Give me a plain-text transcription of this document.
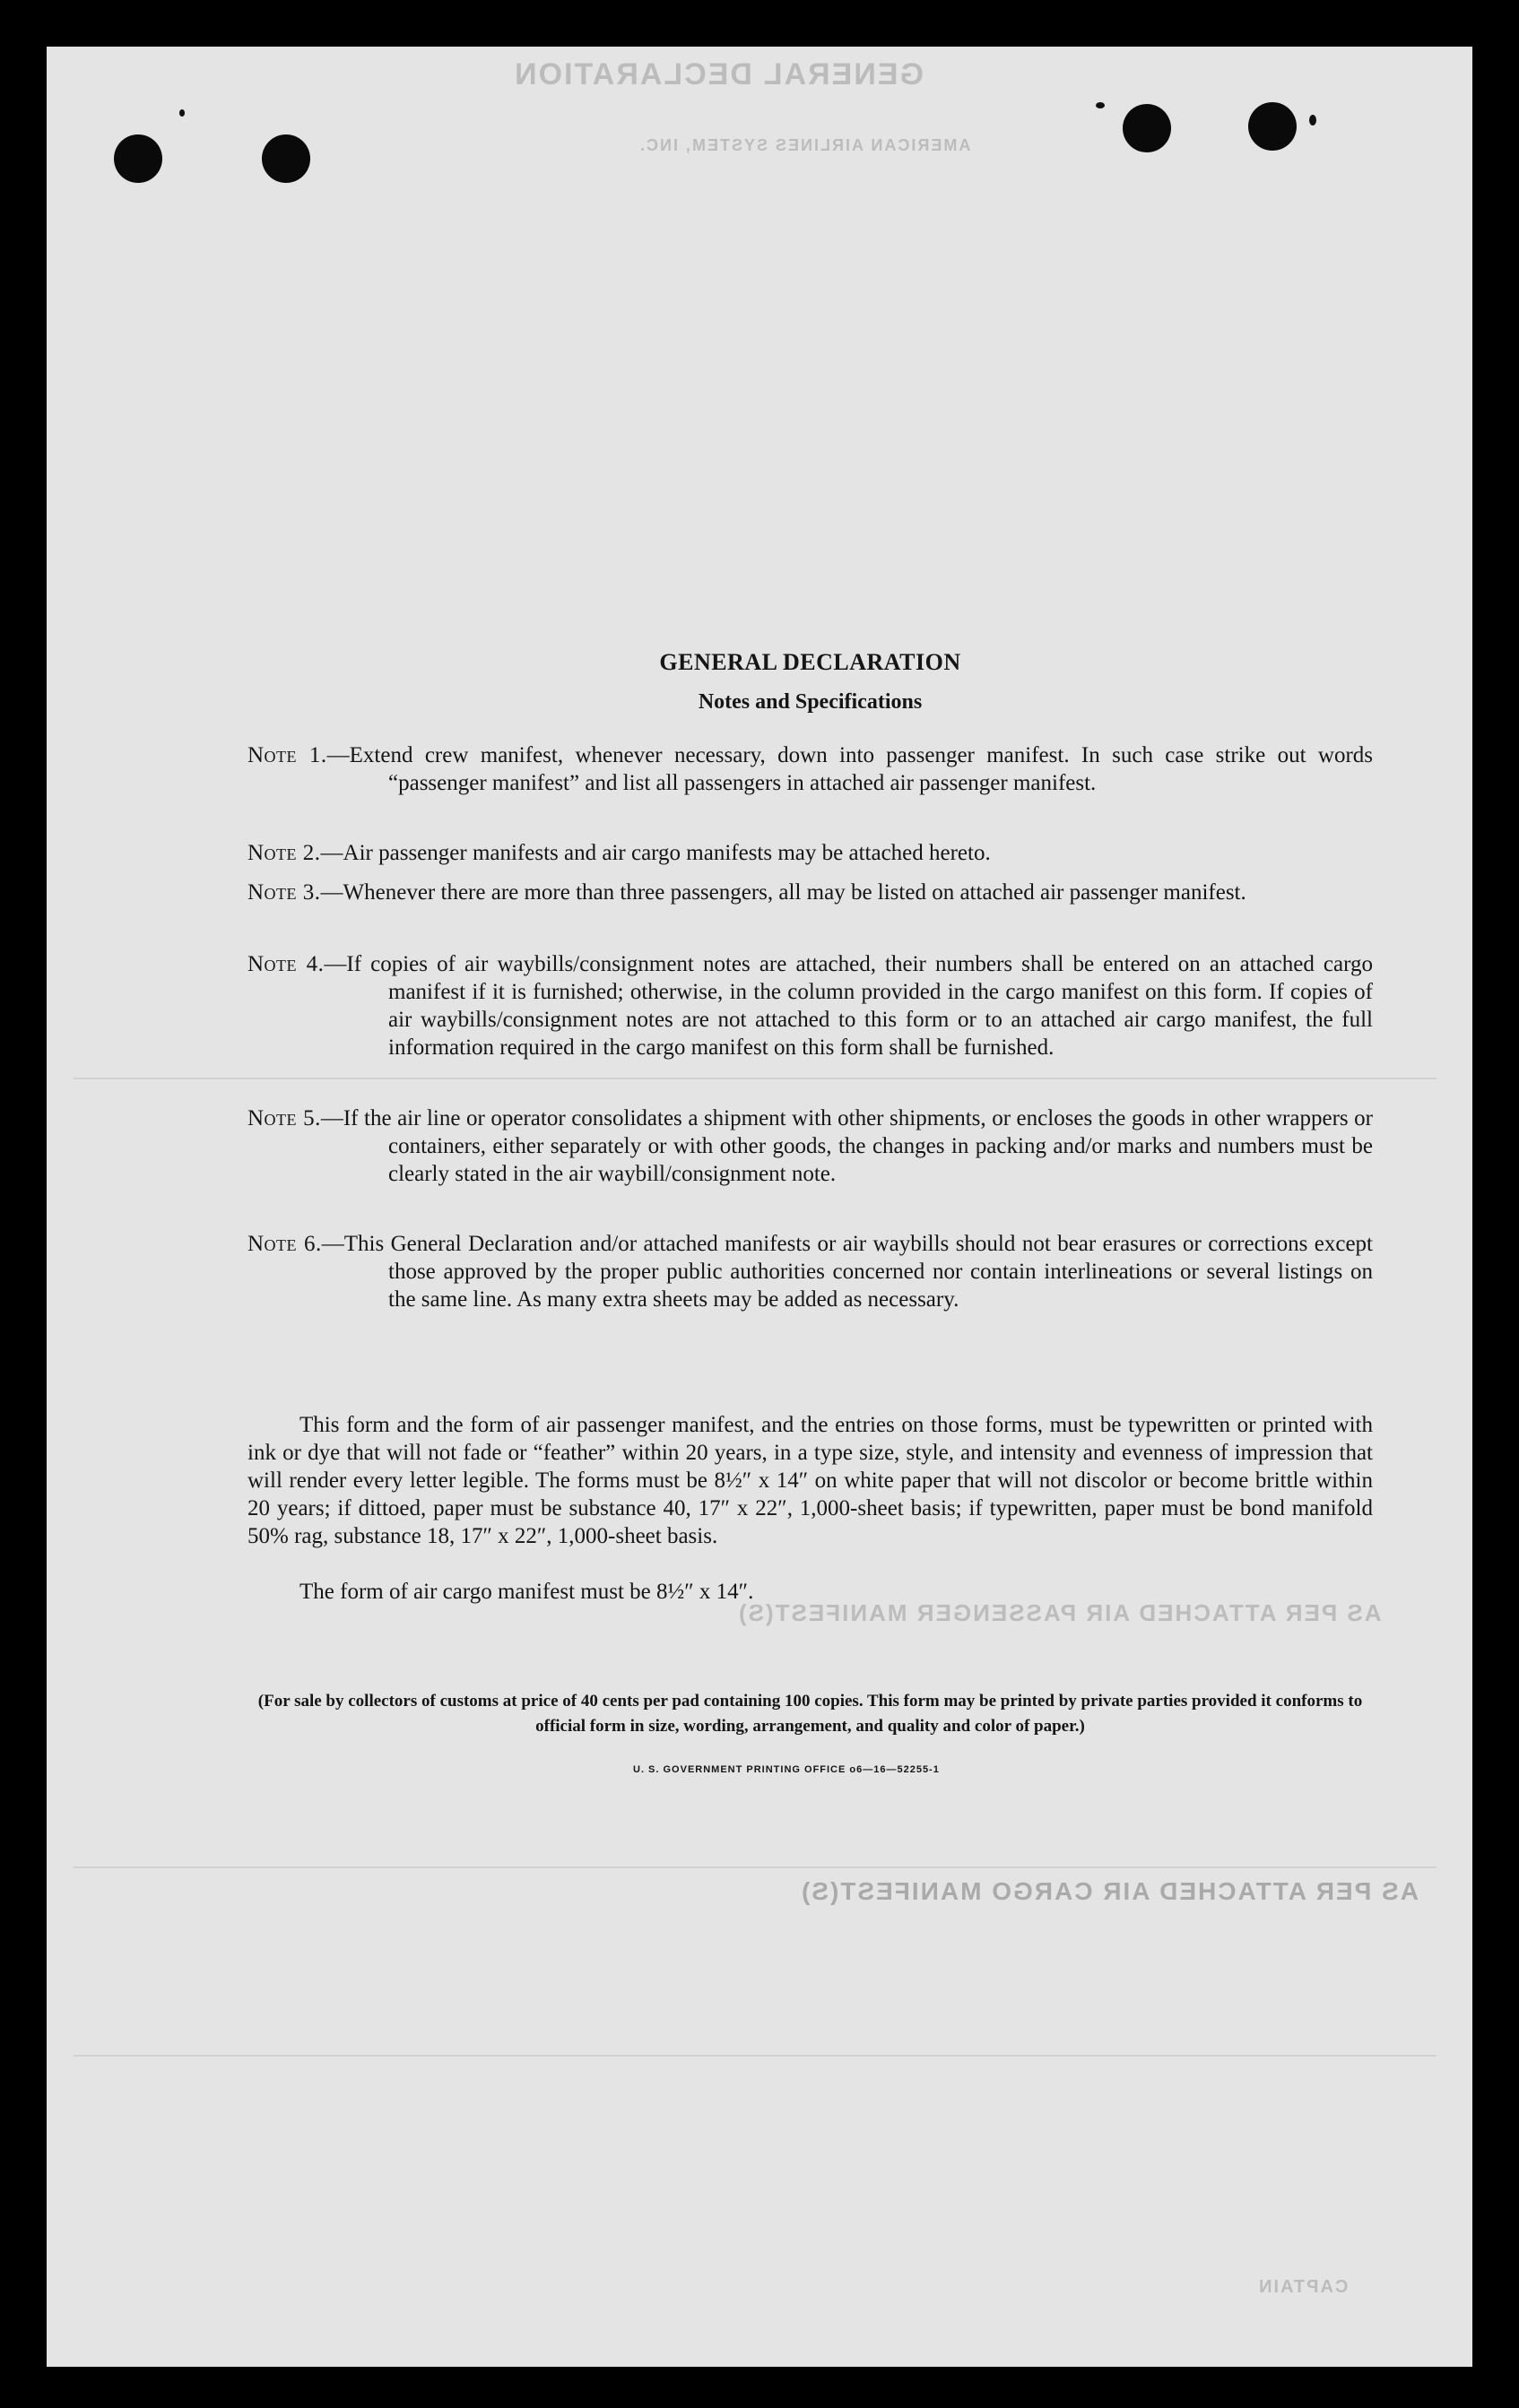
GENERAL DECLARATION
AMERICAN AIRLINES SYSTEM, INC.
AS PER ATTACHED AIR PASSENGER MANIFEST(S)
AS PER ATTACHED AIR CARGO MANIFEST(S)
CAPTAIN
GENERAL DECLARATION
Notes and Specifications
Note 1.—Extend crew manifest, whenever necessary, down into passenger manifest. In such case strike out words “passenger manifest” and list all passengers in attached air passenger manifest.
Note 2.—Air passenger manifests and air cargo manifests may be attached hereto.
Note 3.—Whenever there are more than three passengers, all may be listed on attached air passenger manifest.
Note 4.—If copies of air waybills/consignment notes are attached, their numbers shall be entered on an attached cargo manifest if it is furnished; otherwise, in the column provided in the cargo manifest on this form. If copies of air waybills/consignment notes are not attached to this form or to an attached air cargo manifest, the full information required in the cargo manifest on this form shall be furnished.
Note 5.—If the air line or operator consolidates a shipment with other shipments, or encloses the goods in other wrappers or containers, either separately or with other goods, the changes in packing and/or marks and numbers must be clearly stated in the air waybill/consignment note.
Note 6.—This General Declaration and/or attached manifests or air waybills should not bear erasures or corrections except those approved by the proper public authorities concerned nor contain interlineations or several listings on the same line. As many extra sheets may be added as necessary.
This form and the form of air passenger manifest, and the entries on those forms, must be typewritten or printed with ink or dye that will not fade or “feather” within 20 years, in a type size, style, and intensity and evenness of impression that will render every letter legible. The forms must be 8½″ x 14″ on white paper that will not discolor or become brittle within 20 years; if dittoed, paper must be substance 40, 17″ x 22″, 1,000-sheet basis; if typewritten, paper must be bond manifold 50% rag, substance 18, 17″ x 22″, 1,000-sheet basis.
The form of air cargo manifest must be 8½″ x 14″.
(For sale by collectors of customs at price of 40 cents per pad containing 100 copies. This form may be printed by private parties provided it conforms to official form in size, wording, arrangement, and quality and color of paper.)
U. S. GOVERNMENT PRINTING OFFICE o6—16—52255-1
